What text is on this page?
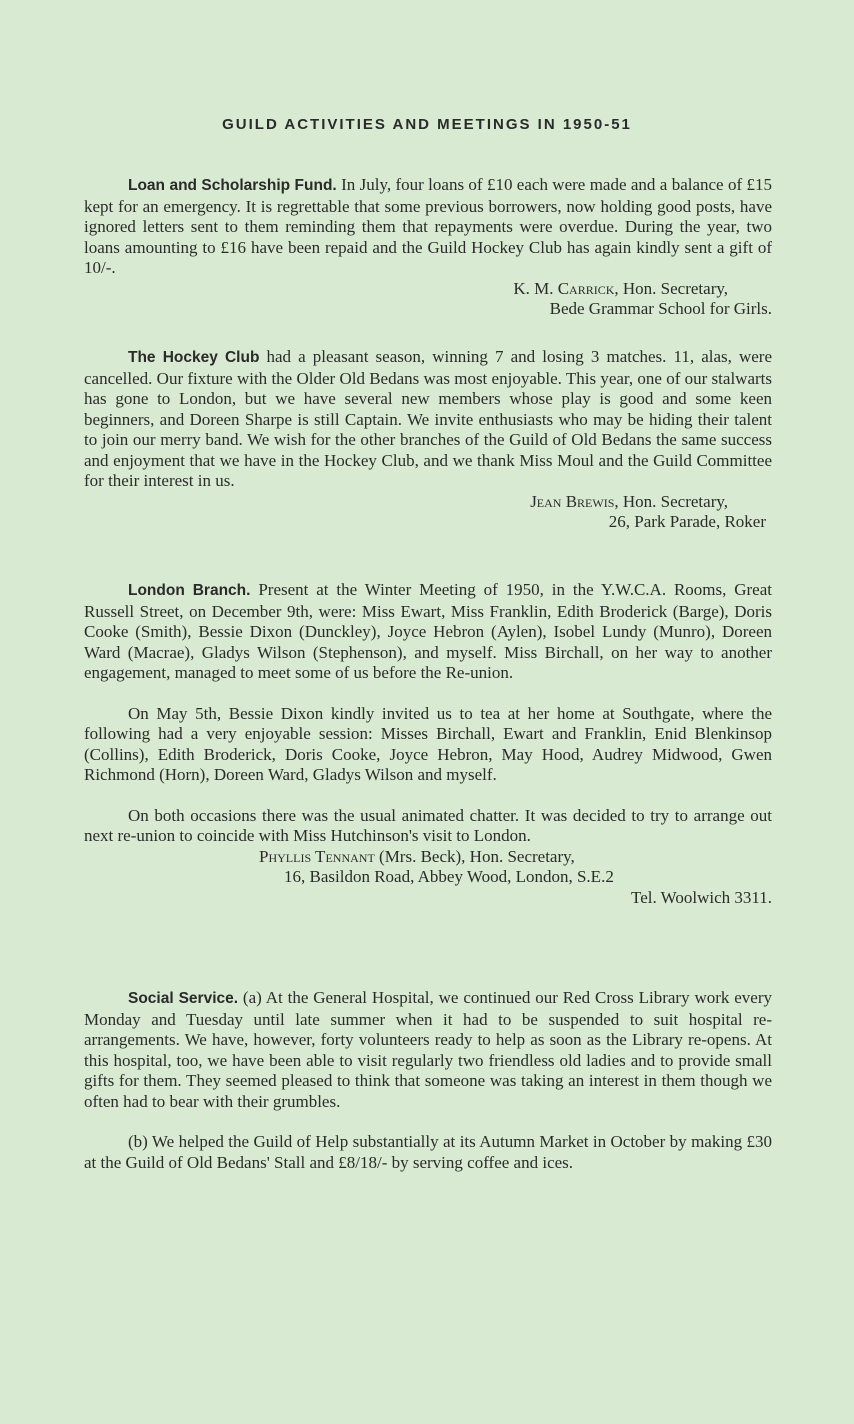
GUILD ACTIVITIES AND MEETINGS IN 1950-51

Loan and Scholarship Fund. In July, four loans of £10 each were made and a balance of £15 kept for an emergency. It is regrettable that some previous borrowers, now holding good posts, have ignored letters sent to them reminding them that repayments were overdue. During the year, two loans amounting to £16 have been repaid and the Guild Hockey Club has again kindly sent a gift of 10/-.

K. M. Carrick, Hon. Secretary,

Bede Grammar School for Girls.

The Hockey Club had a pleasant season, winning 7 and losing 3 matches. 11, alas, were cancelled. Our fixture with the Older Old Bedans was most enjoyable. This year, one of our stalwarts has gone to London, but we have several new members whose play is good and some keen beginners, and Doreen Sharpe is still Captain. We invite enthusiasts who may be hiding their talent to join our merry band. We wish for the other branches of the Guild of Old Bedans the same success and enjoyment that we have in the Hockey Club, and we thank Miss Moul and the Guild Committee for their interest in us.

Jean Brewis, Hon. Secretary,

26, Park Parade, Roker

London Branch. Present at the Winter Meeting of 1950, in the Y.W.C.A. Rooms, Great Russell Street, on December 9th, were: Miss Ewart, Miss Franklin, Edith Broderick (Barge), Doris Cooke (Smith), Bessie Dixon (Dunckley), Joyce Hebron (Aylen), Isobel Lundy (Munro), Doreen Ward (Macrae), Gladys Wilson (Stephenson), and myself. Miss Birchall, on her way to another engagement, managed to meet some of us before the Re-union.

On May 5th, Bessie Dixon kindly invited us to tea at her home at Southgate, where the following had a very enjoyable session: Misses Birchall, Ewart and Franklin, Enid Blenkinsop (Collins), Edith Broderick, Doris Cooke, Joyce Hebron, May Hood, Audrey Midwood, Gwen Richmond (Horn), Doreen Ward, Gladys Wilson and myself.

On both occasions there was the usual animated chatter. It was decided to try to arrange out next re-union to coincide with Miss Hutchinson's visit to London.

Phyllis Tennant (Mrs. Beck), Hon. Secretary,

16, Basildon Road, Abbey Wood, London, S.E.2

Tel. Woolwich 3311.

Social Service. (a) At the General Hospital, we continued our Red Cross Library work every Monday and Tuesday until late summer when it had to be suspended to suit hospital re-arrangements. We have, however, forty volunteers ready to help as soon as the Library re-opens. At this hospital, too, we have been able to visit regularly two friendless old ladies and to provide small gifts for them. They seemed pleased to think that someone was taking an interest in them though we often had to bear with their grumbles.

(b) We helped the Guild of Help substantially at its Autumn Market in October by making £30 at the Guild of Old Bedans' Stall and £8/18/- by serving coffee and ices.
